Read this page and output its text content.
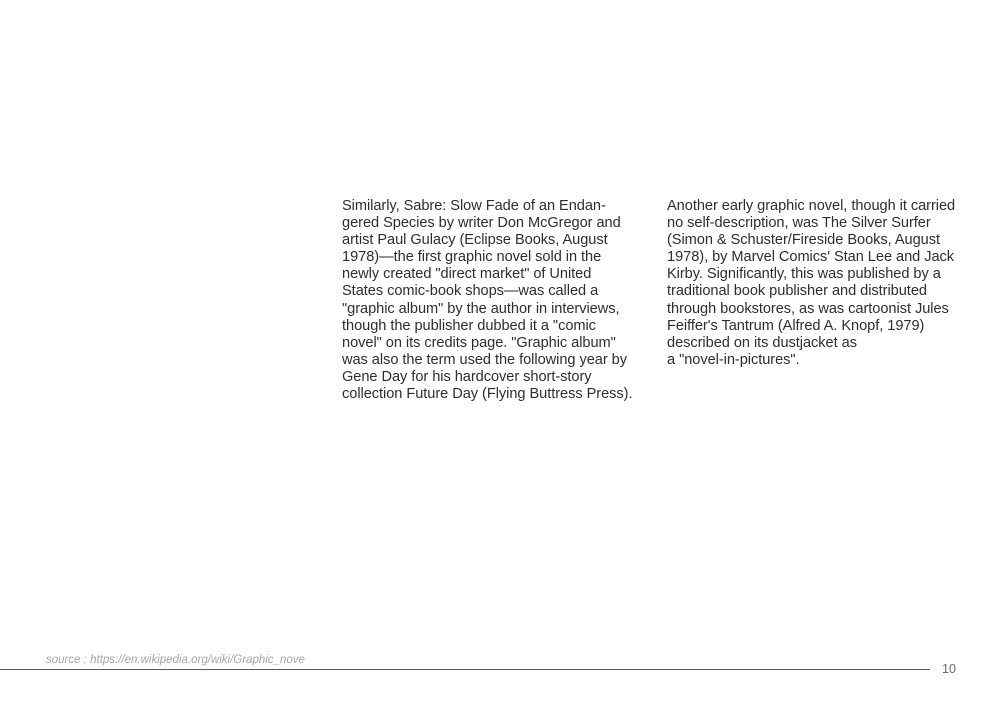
Similarly, Sabre: Slow Fade of an Endan-
gered Species by writer Don McGregor and
artist Paul Gulacy (Eclipse Books, August
1978)—the first graphic novel sold in the
newly created "direct market" of United
States comic-book shops—was called a
"graphic album" by the author in interviews,
though the publisher dubbed it a "comic
novel" on its credits page. "Graphic album"
was also the term used the following year by
Gene Day for his hardcover short-story
collection Future Day (Flying Buttress Press).
Another early graphic novel, though it carried
no self-description, was The Silver Surfer
(Simon & Schuster/Fireside Books, August
1978), by Marvel Comics' Stan Lee and Jack
Kirby. Significantly, this was published by a
traditional book publisher and distributed
through bookstores, as was cartoonist Jules
Feiffer's Tantrum (Alfred A. Knopf, 1979)
described on its dustjacket as
a "novel-in-pictures".
source : https://en.wikipedia.org/wiki/Graphic_nove
10
